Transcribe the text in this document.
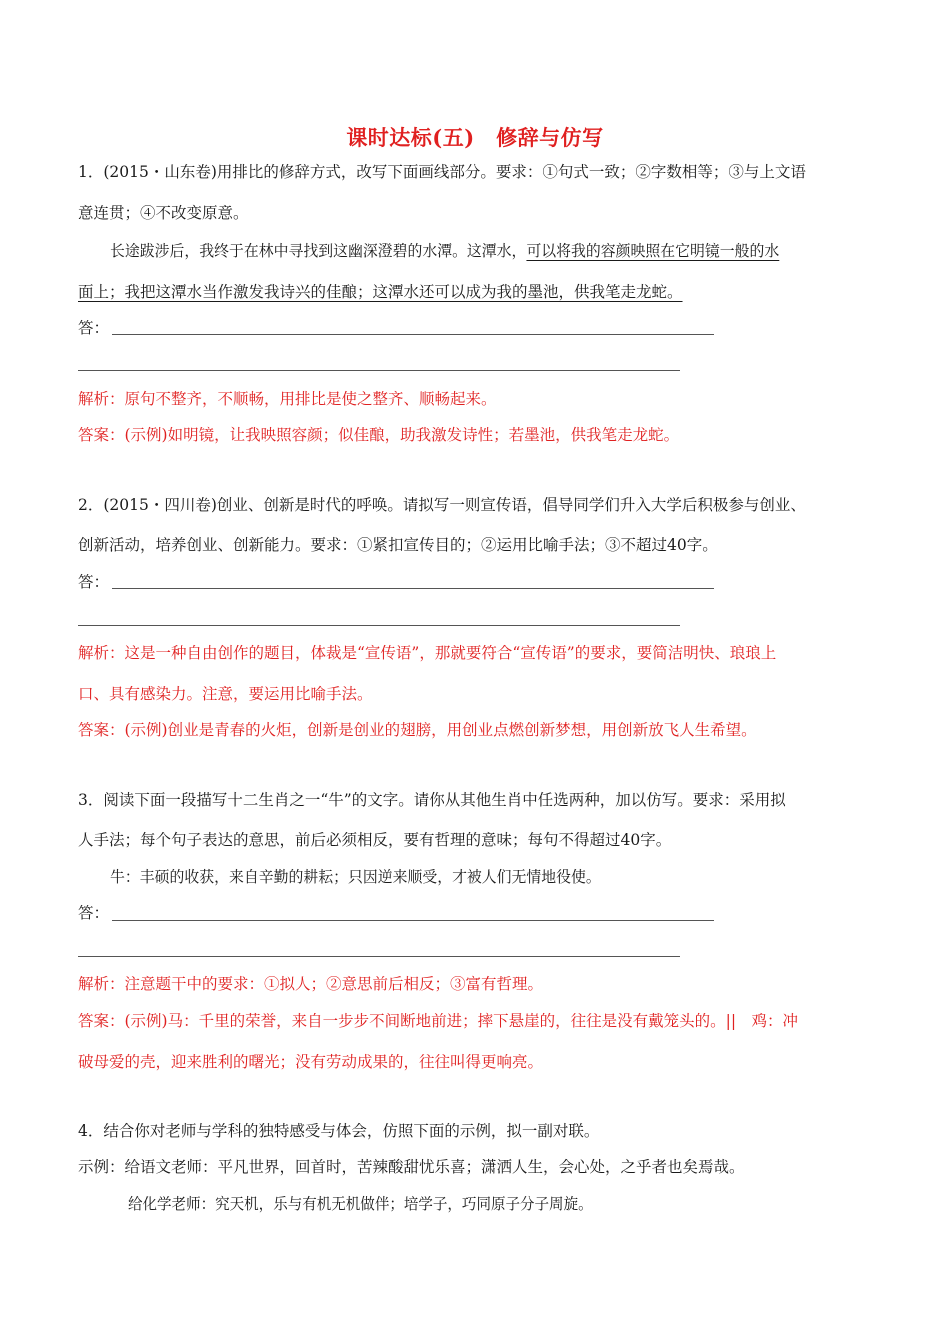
课时达标(五)　修辞与仿写
1．(2015・山东卷)用排比的修辞方式，改写下面画线部分。要求：①句式一致；②字数相等；③与上文语
意连贯；④不改变原意。
长途跋涉后，我终于在林中寻找到这幽深澄碧的水潭。这潭水，可以将我的容颜映照在它明镜一般的水
面上；我把这潭水当作激发我诗兴的佳酿；这潭水还可以成为我的墨池，供我笔走龙蛇。
答：
解析：原句不整齐，不顺畅，用排比是使之整齐、顺畅起来。
答案：(示例)如明镜，让我映照容颜；似佳酿，助我激发诗性；若墨池，供我笔走龙蛇。
2．(2015・四川卷)创业、创新是时代的呼唤。请拟写一则宣传语，倡导同学们升入大学后积极参与创业、
创新活动，培养创业、创新能力。要求：①紧扣宣传目的；②运用比喻手法；③不超过40字。
答：
解析：这是一种自由创作的题目，体裁是“宣传语”，那就要符合“宣传语”的要求，要简洁明快、琅琅上
口、具有感染力。注意，要运用比喻手法。
答案：(示例)创业是青春的火炬，创新是创业的翅膀，用创业点燃创新梦想，用创新放飞人生希望。
3．阅读下面一段描写十二生肖之一“牛”的文字。请你从其他生肖中任选两种，加以仿写。要求：采用拟
人手法；每个句子表达的意思，前后必须相反，要有哲理的意味；每句不得超过40字。
牛：丰硕的收获，来自辛勤的耕耘；只因逆来顺受，才被人们无情地役使。
答：
解析：注意题干中的要求：①拟人；②意思前后相反；③富有哲理。
答案：(示例)马：千里的荣誉，来自一步步不间断地前进；摔下悬崖的，往往是没有戴笼头的。||　鸡：冲
破母爱的壳，迎来胜利的曙光；没有劳动成果的，往往叫得更响亮。
4．结合你对老师与学科的独特感受与体会，仿照下面的示例，拟一副对联。
示例：给语文老师：平凡世界，回首时，苦辣酸甜忧乐喜；潇洒人生，会心处，之乎者也矣焉哉。
给化学老师：究天机，乐与有机无机做伴；培学子，巧同原子分子周旋。
